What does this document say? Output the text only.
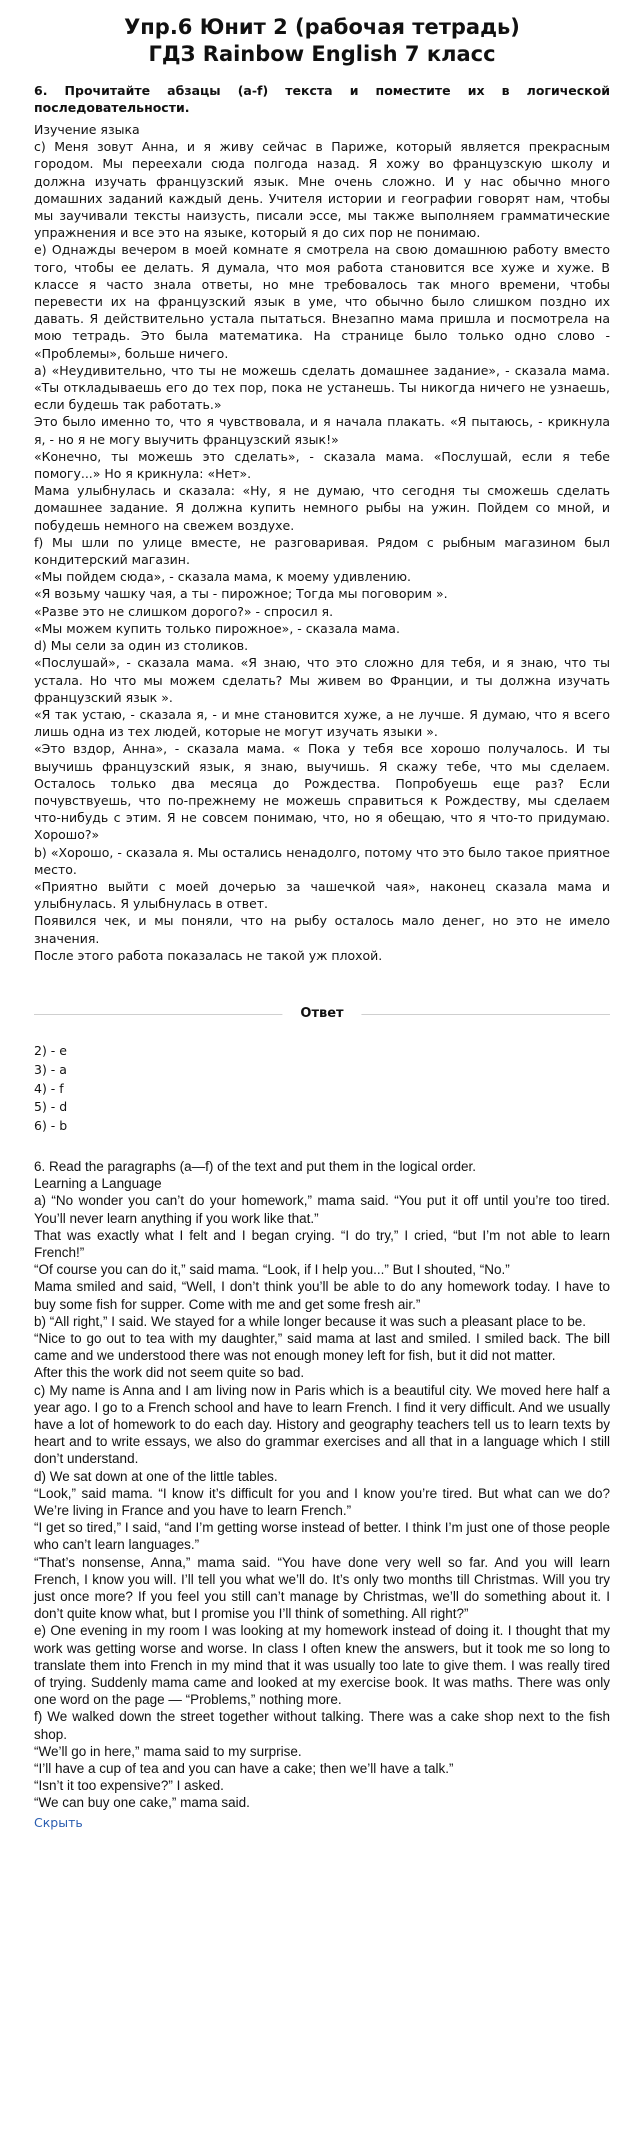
Упр.6 Юнит 2 (рабочая тетрадь)
ГДЗ Rainbow English 7 класс
6. Прочитайте абзацы (a-f) текста и поместите их в логической последовательности.

Изучение языка

c) Меня зовут Анна, и я живу сейчас в Париже, который является прекрасным городом. Мы переехали сюда полгода назад. Я хожу во французскую школу и должна изучать французский язык. Мне очень сложно. И у нас обычно много домашних заданий каждый день. Учителя истории и географии говорят нам, чтобы мы заучивали тексты наизусть, писали эссе, мы также выполняем грамматические упражнения и все это на языке, который я до сих пор не понимаю.

e) Однажды вечером в моей комнате я смотрела на свою домашнюю работу вместо того, чтобы ее делать. Я думала, что моя работа становится все хуже и хуже. В классе я часто знала ответы, но мне требовалось так много времени, чтобы перевести их на французский язык в уме, что обычно было слишком поздно их давать. Я действительно устала пытаться. Внезапно мама пришла и посмотрела на мою тетрадь. Это была математика. На странице было только одно слово - «Проблемы», больше ничего.

a) «Неудивительно, что ты не можешь сделать домашнее задание», - сказала мама. «Ты откладываешь его до тех пор, пока не устанешь. Ты никогда ничего не узнаешь, если будешь так работать.»

Это было именно то, что я чувствовала, и я начала плакать. «Я пытаюсь, - крикнула я, - но я не могу выучить французский язык!»

«Конечно, ты можешь это сделать», - сказала мама. «Послушай, если я тебе помогу...» Но я крикнула: «Нет».

Мама улыбнулась и сказала: «Ну, я не думаю, что сегодня ты сможешь сделать домашнее задание. Я должна купить немного рыбы на ужин. Пойдем со мной, и побудешь немного на свежем воздухе.

f) Мы шли по улице вместе, не разговаривая. Рядом с рыбным магазином был кондитерский магазин.

«Мы пойдем сюда», - сказала мама, к моему удивлению.

«Я возьму чашку чая, а ты - пирожное; Тогда мы поговорим ».

«Разве это не слишком дорого?» - спросил я.

«Мы можем купить только пирожное», - сказала мама.

d) Мы сели за один из столиков.

«Послушай», - сказала мама. «Я знаю, что это сложно для тебя, и я знаю, что ты устала. Но что мы можем сделать? Мы живем во Франции, и ты должна изучать французский язык ».

«Я так устаю, - сказала я, - и мне становится хуже, а не лучше. Я думаю, что я всего лишь одна из тех людей, которые не могут изучать языки ».

«Это вздор, Анна», - сказала мама. « Пока у тебя все хорошо получалось. И ты выучишь французский язык, я знаю, выучишь. Я скажу тебе, что мы сделаем. Осталось только два месяца до Рождества. Попробуешь еще раз? Если почувствуешь, что по-прежнему не можешь справиться к Рождеству, мы сделаем что-нибудь с этим. Я не совсем понимаю, что, но я обещаю, что я что-то придумаю. Хорошо?»

b) «Хорошо, - сказала я. Мы остались ненадолго, потому что это было такое приятное место.

«Приятно выйти с моей дочерью за чашечкой чая», наконец сказала мама и улыбнулась. Я улыбнулась в ответ.

Появился чек, и мы поняли, что на рыбу осталось мало денег, но это не имело значения.

После этого работа показалась не такой уж плохой.

Ответ
2) - e
3) - a
4) - f
5) - d
6) - b

6. Read the paragraphs (a—f) of the text and put them in the logical order.

Learning a Language

a) “No wonder you can’t do your homework,” mama said. “You put it off until you’re too tired. You’ll never learn anything if you work like that.”

That was exactly what I felt and I began crying. “I do try,” I cried, “but I’m not able to learn French!”

“Of course you can do it,” said mama. “Look, if I help you...” But I shouted, “No.”

Mama smiled and said, “Well, I don’t think you’ll be able to do any homework today. I have to buy some fish for supper. Come with me and get some fresh air.”

b) “All right,” I said. We stayed for a while longer because it was such a pleasant place to be.

“Nice to go out to tea with my daughter,” said mama at last and smiled. I smiled back. The bill came and we understood there was not enough money left for fish, but it did not matter.

After this the work did not seem quite so bad.

c) My name is Anna and I am living now in Paris which is a beautiful city. We moved here half a year ago. I go to a French school and have to learn French. I find it very difficult. And we usually have a lot of homework to do each day. History and geography teachers tell us to learn texts by heart and to write essays, we also do grammar exercises and all that in a language which I still don’t understand.

d) We sat down at one of the little tables.

“Look,” said mama. “I know it’s difficult for you and I know you’re tired. But what can we do? We’re living in France and you have to learn French.”

“I get so tired,” I said, “and I’m getting worse instead of better. I think I’m just one of those people who can’t learn languages.”

“That’s nonsense, Anna,” mama said. “You have done very well so far. And you will learn French, I know you will. I’ll tell you what we’ll do. It’s only two months till Christmas. Will you try just once more? If you feel you still can’t manage by Christmas, we’ll do something about it. I don’t quite know what, but I promise you I’ll think of something. All right?”

e) One evening in my room I was looking at my homework instead of doing it. I thought that my work was getting worse and worse. In class I often knew the answers, but it took me so long to translate them into French in my mind that it was usually too late to give them. I was really tired of trying. Suddenly mama came and looked at my exercise book. It was maths. There was only one word on the page — “Problems,” nothing more.

f) We walked down the street together without talking. There was a cake shop next to the fish shop.

“We’ll go in here,” mama said to my surprise.

“I’ll have a cup of tea and you can have a cake; then we’ll have a talk.”

“Isn’t it too expensive?” I asked.

“We can buy one cake,” mama said.

Скрыть
